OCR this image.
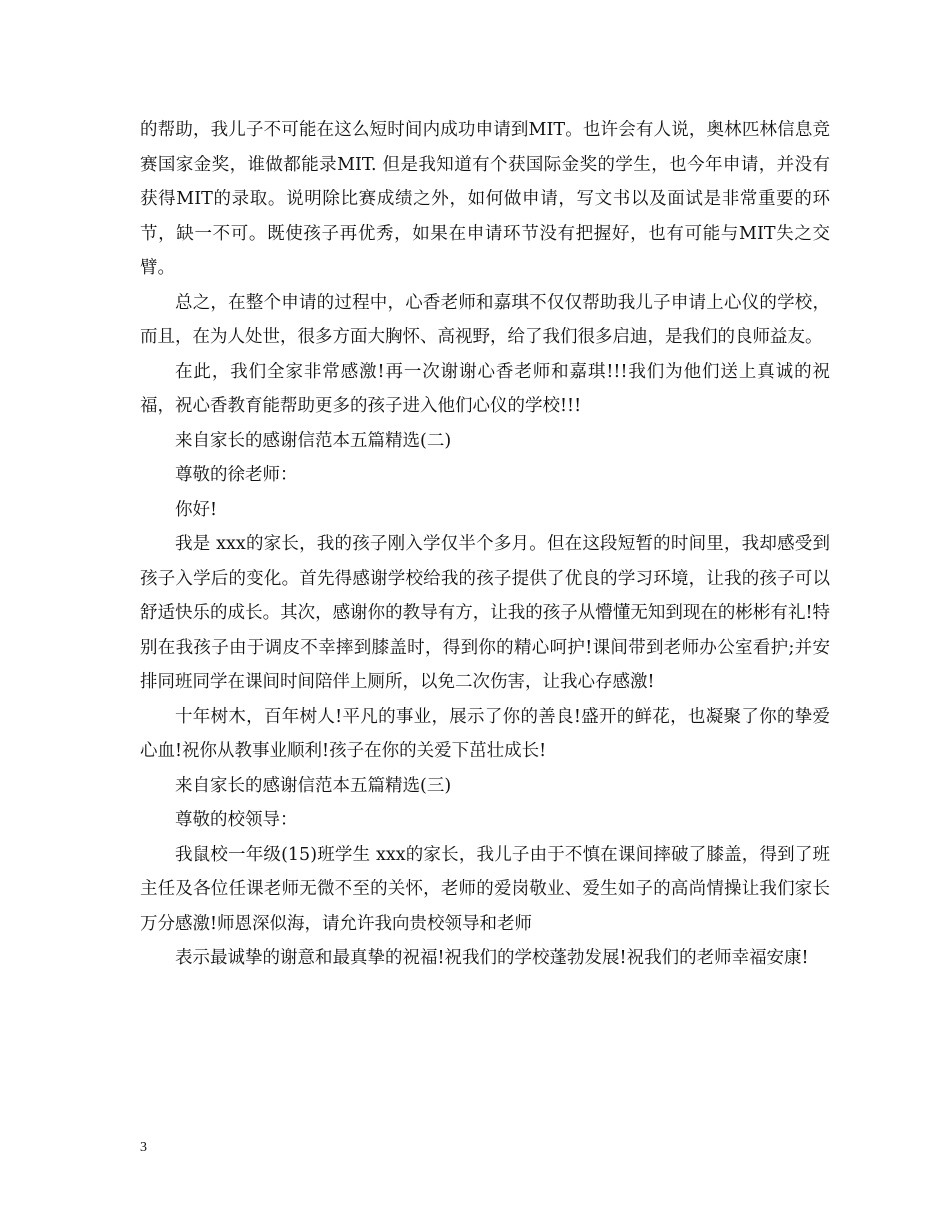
的帮助，我儿子不可能在这么短时间内成功申请到MIT。也许会有人说，奥林匹林信息竞赛国家金奖，谁做都能录MIT. 但是我知道有个获国际金奖的学生，也今年申请，并没有获得MIT的录取。说明除比赛成绩之外，如何做申请，写文书以及面试是非常重要的环节，缺一不可。既使孩子再优秀，如果在申请环节没有把握好，也有可能与MIT失之交臂。

总之，在整个申请的过程中，心香老师和嘉琪不仅仅帮助我儿子申请上心仪的学校，而且，在为人处世，很多方面大胸怀、高视野，给了我们很多启迪，是我们的良师益友。

在此，我们全家非常感激!再一次谢谢心香老师和嘉琪!!!我们为他们送上真诚的祝福，祝心香教育能帮助更多的孩子进入他们心仪的学校!!!

来自家长的感谢信范本五篇精选(二)

尊敬的徐老师：

你好!

我是 xxx的家长，我的孩子刚入学仅半个多月。但在这段短暂的时间里，我却感受到孩子入学后的变化。首先得感谢学校给我的孩子提供了优良的学习环境，让我的孩子可以舒适快乐的成长。其次，感谢你的教导有方，让我的孩子从懵懂无知到现在的彬彬有礼!特别在我孩子由于调皮不幸摔到膝盖时，得到你的精心呵护!课间带到老师办公室看护;并安排同班同学在课间时间陪伴上厕所，以免二次伤害，让我心存感激!

十年树木，百年树人!平凡的事业，展示了你的善良!盛开的鲜花，也凝聚了你的挚爱心血!祝你从教事业顺利!孩子在你的关爱下茁壮成长!

来自家长的感谢信范本五篇精选(三)

尊敬的校领导：

我鼠校一年级(15)班学生 xxx的家长，我儿子由于不慎在课间摔破了膝盖，得到了班主任及各位任课老师无微不至的关怀，老师的爱岗敬业、爱生如子的高尚情操让我们家长万分感激!师恩深似海，请允许我向贵校领导和老师

表示最诚挚的谢意和最真挚的祝福!祝我们的学校蓬勃发展!祝我们的老师幸福安康!

3
